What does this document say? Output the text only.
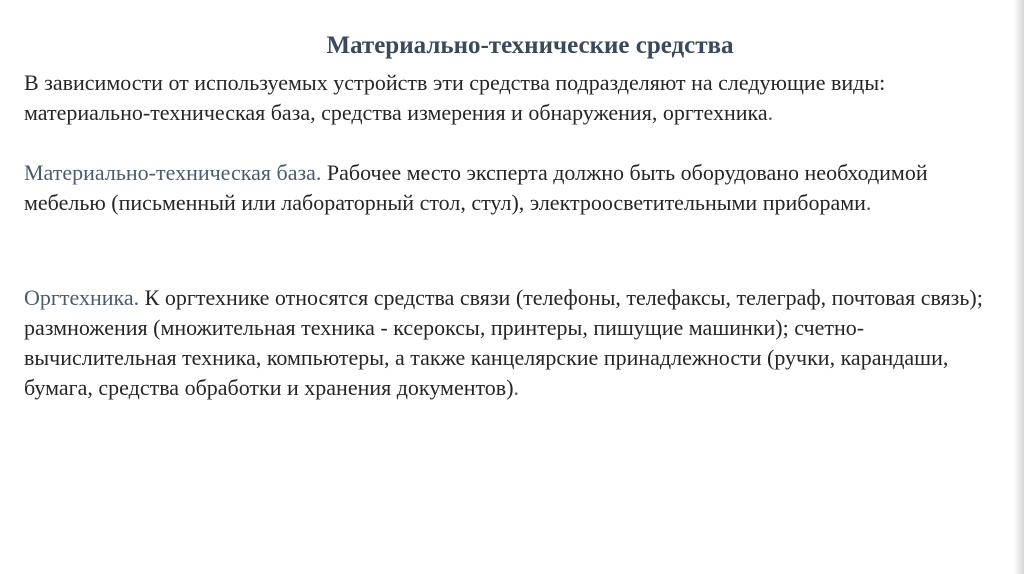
Материально-технические средства

В зависимости от используемых устройств эти средства подразделяют на следующие виды: материально-техническая база, средства измерения и обнаружения, оргтехника.

Материально-техническая база. Рабочее место эксперта должно быть оборудовано необходимой мебелью (письменный или лабораторный стол, стул), электроосветительными приборами.

Оргтехника. К оргтехнике относятся средства связи (телефоны, телефаксы, телеграф, почтовая связь); размножения (множительная техника - ксероксы, принтеры, пишущие машинки); счетно-вычислительная техника, компьютеры, а также канцелярские принадлежности (ручки, карандаши, бумага, средства обработки и хранения документов).
